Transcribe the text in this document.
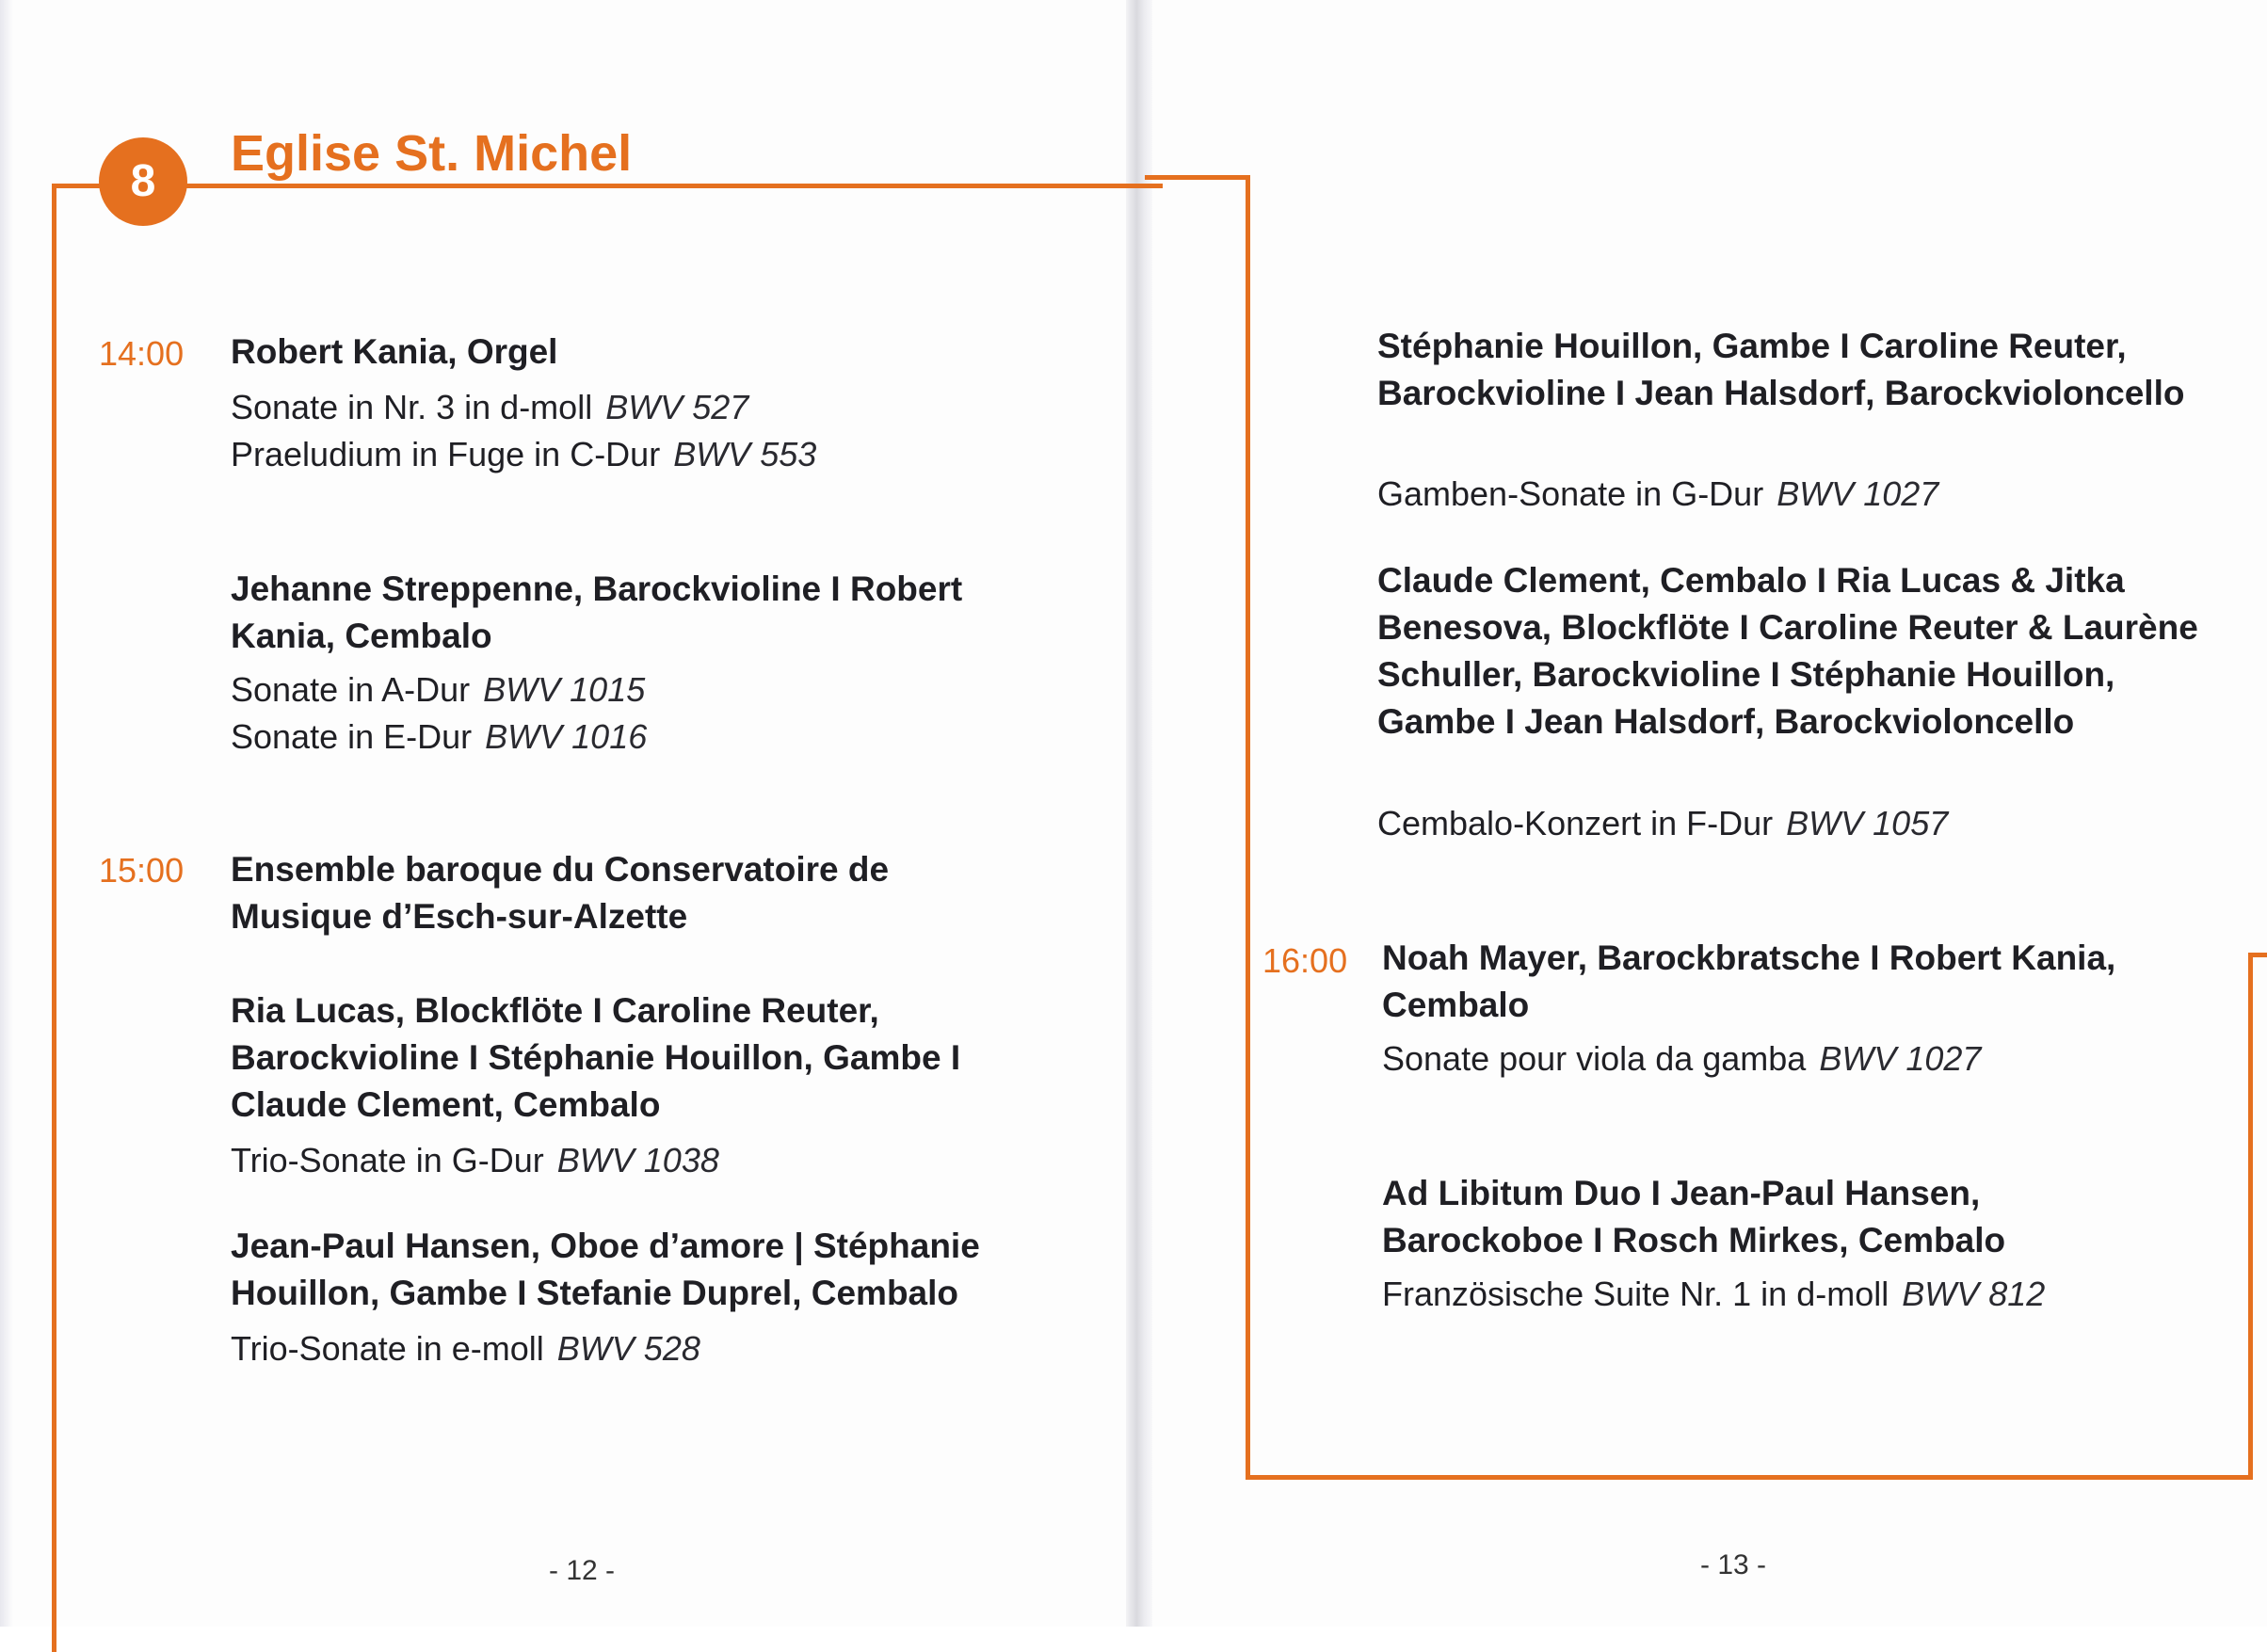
8	Eglise St. Michel
14:00 Robert Kania, Orgel
Sonate in Nr. 3 in d-moll BWV 527
Praeludium in Fuge in C-Dur BWV 553
Jehanne Streppenne, Barockvioline I Robert Kania, Cembalo
Sonate in A-Dur BWV 1015
Sonate in E-Dur BWV 1016
15:00 Ensemble baroque du Conservatoire de Musique d’Esch-sur-Alzette
Ria Lucas, Blockflöte I Caroline Reuter, Barockvioline I Stéphanie Houillon, Gambe I Claude Clement, Cembalo
Trio-Sonate in G-Dur BWV 1038
Jean-Paul Hansen, Oboe d’amore | Stéphanie Houillon, Gambe I Stefanie Duprel, Cembalo
Trio-Sonate in e-moll BWV 528
- 12 -
Stéphanie Houillon, Gambe I Caroline Reuter, Barockvioline I Jean Halsdorf, Barockvioloncello
Gamben-Sonate in G-Dur BWV 1027
Claude Clement, Cembalo I Ria Lucas & Jitka Benesova, Blockflöte I Caroline Reuter & Laurène Schuller, Barockvioline I Stéphanie Houillon, Gambe I Jean Halsdorf, Barockvioloncello
Cembalo-Konzert in F-Dur BWV 1057
16:00 Noah Mayer, Barockbratsche I Robert Kania, Cembalo
Sonate pour viola da gamba BWV 1027
Ad Libitum Duo I Jean-Paul Hansen, Barockoboe I Rosch Mirkes, Cembalo
Französische Suite Nr. 1 in d-moll BWV 812
- 13 -
